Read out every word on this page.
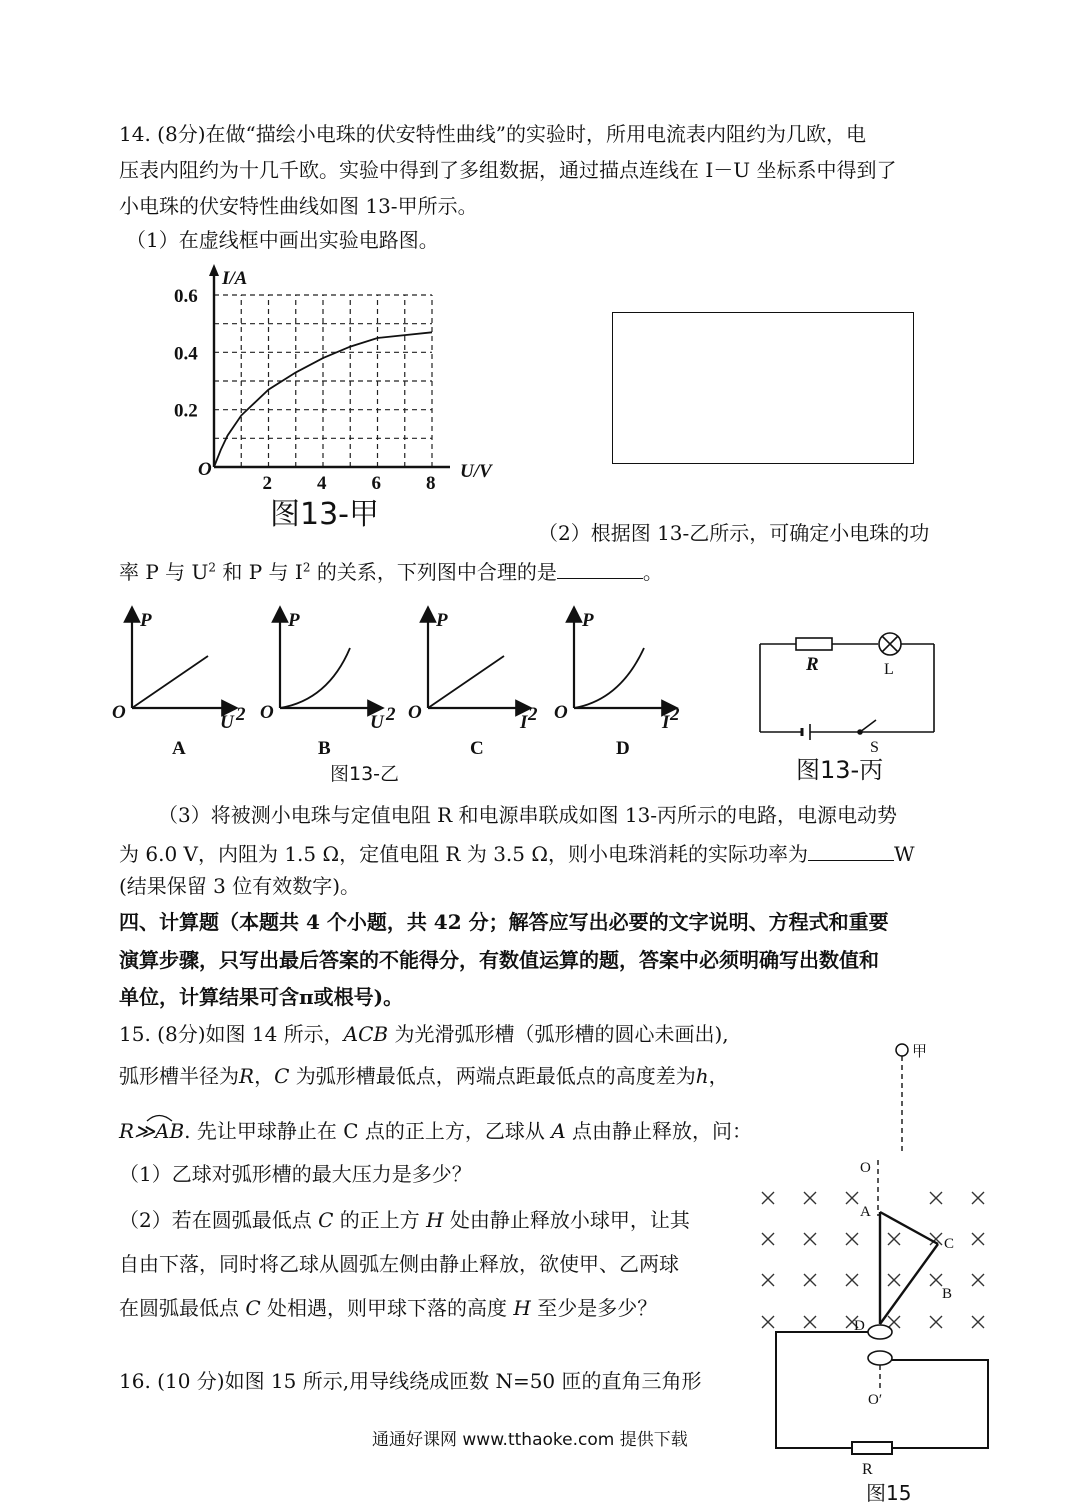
14. (8分)在做“描绘小电珠的伏安特性曲线”的实验时，所用电流表内阻约为几欧，电
压表内阻约为十几千欧。实验中得到了多组数据，通过描点连线在 I－U 坐标系中得到了
小电珠的伏安特性曲线如图 13-甲所示。
（1）在虚线框中画出实验电路图。
I/A
U/V
O
0.2
0.4
0.6
2 4 6 8
图13-甲
（2）根据图 13-乙所示，可确定小电珠的功
率 P 与 $U^2$ 和 P 与 $I^2$ 的关系，下列图中合理的是	。
P
O	U 2
A
P
O	U 2
B
P
O	I 2
C
P
O	I 2
D
图13-乙
R	L
S
图13-丙
（3）将被测小电珠与定值电阻 R 和电源串联成如图 13-丙所示的电路，电源电动势
为 6.0 V，内阻为 1.5 Ω，定值电阻 R 为 3.5 Ω，则小电珠消耗的实际功率为	W
(结果保留 3 位有效数字)。
四、计算题（本题共 4 个小题，共 42 分；解答应写出必要的文字说明、方程式和重要
演算步骤，只写出最后答案的不能得分，有数值运算的题，答案中必须明确写出数值和
单位，计算结果可含π或根号)。
15. (8分)如图 14 所示，ACB 为光滑弧形槽（弧形槽的圆心未画出),
弧形槽半径为R，C 为弧形槽最低点，两端点距最低点的高度差为h，
R≫AB. 先让甲球静止在 C 点的正上方，乙球从 A 点由静止释放，问：
（1）乙球对弧形槽的最大压力是多少？
（2）若在圆弧最低点 C 的正上方 H 处由静止释放小球甲，让其
自由下落，同时将乙球从圆弧左侧由静止释放，欲使甲、乙两球
在圆弧最低点 C 处相遇，则甲球下落的高度 H 至少是多少？
16. (10 分)如图 15 所示,用导线绕成匝数 N=50 匝的直角三角形
通通好课网 www.tthaoke.com 提供下载
甲
O
A
C
B
D
O′
R
图15
